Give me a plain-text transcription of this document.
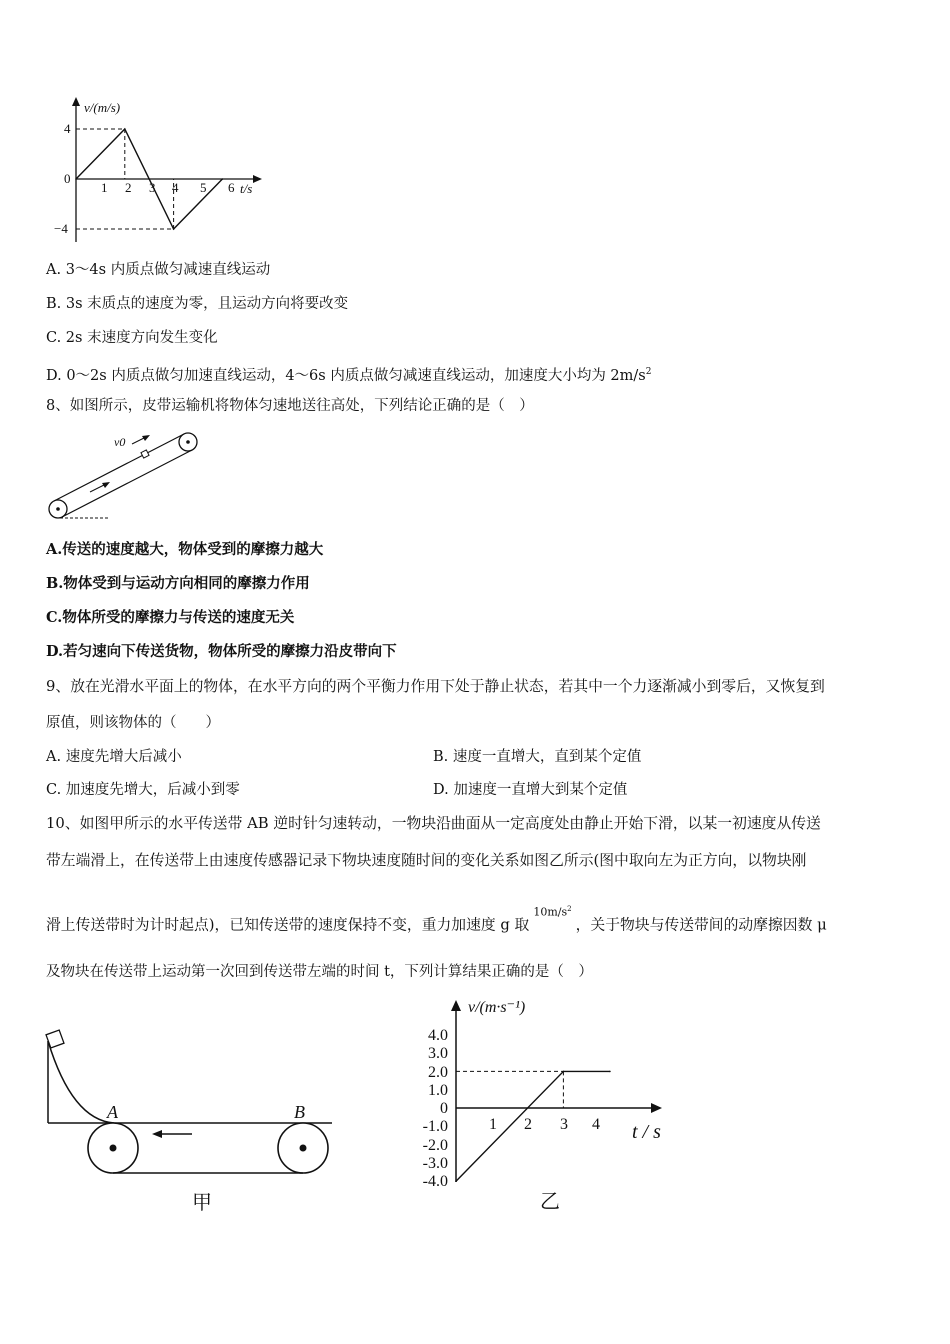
v/(m/s)
t/s
4
0
−4
1 2 3 4 5 6
A. 3～4s 内质点做匀减速直线运动
B. 3s 末质点的速度为零，且运动方向将要改变
C. 2s 末速度方向发生变化
D. 0～2s 内质点做匀加速直线运动，4～6s 内质点做匀减速直线运动，加速度大小均为 $2m/s^2$
8、如图所示，皮带运输机将物体匀速地送往高处，下列结论正确的是（　）
v0
A.传送的速度越大，物体受到的摩擦力越大
B.物体受到与运动方向相同的摩擦力作用
C.物体所受的摩擦力与传送的速度无关
D.若匀速向下传送货物，物体所受的摩擦力沿皮带向下
9、放在光滑水平面上的物体，在水平方向的两个平衡力作用下处于静止状态，若其中一个力逐渐减小到零后，又恢复到
原值，则该物体的（　　）
A. 速度先增大后减小	B. 速度一直增大，直到某个定值
C. 加速度先增大，后减小到零	D. 加速度一直增大到某个定值
10、如图甲所示的水平传送带 AB 逆时针匀速转动，一物块沿曲面从一定高度处由静止开始下滑，以某一初速度从传送
带左端滑上，在传送带上由速度传感器记录下物块速度随时间的变化关系如图乙所示(图中取向左为正方向，以物块刚
滑上传送带时为计时起点)，已知传送带的速度保持不变，重力加速度 g 取$10m/s^2$，关于物块与传送带间的动摩擦因数 μ
及物块在传送带上运动第一次回到传送带左端的时间 t，下列计算结果正确的是（　）
A	B
甲
v/(m·s⁻¹)
t / s
4.0
3.0
2.0
1.0
0
-1.0
-2.0
-3.0
-4.0
1 2 3 4
乙
